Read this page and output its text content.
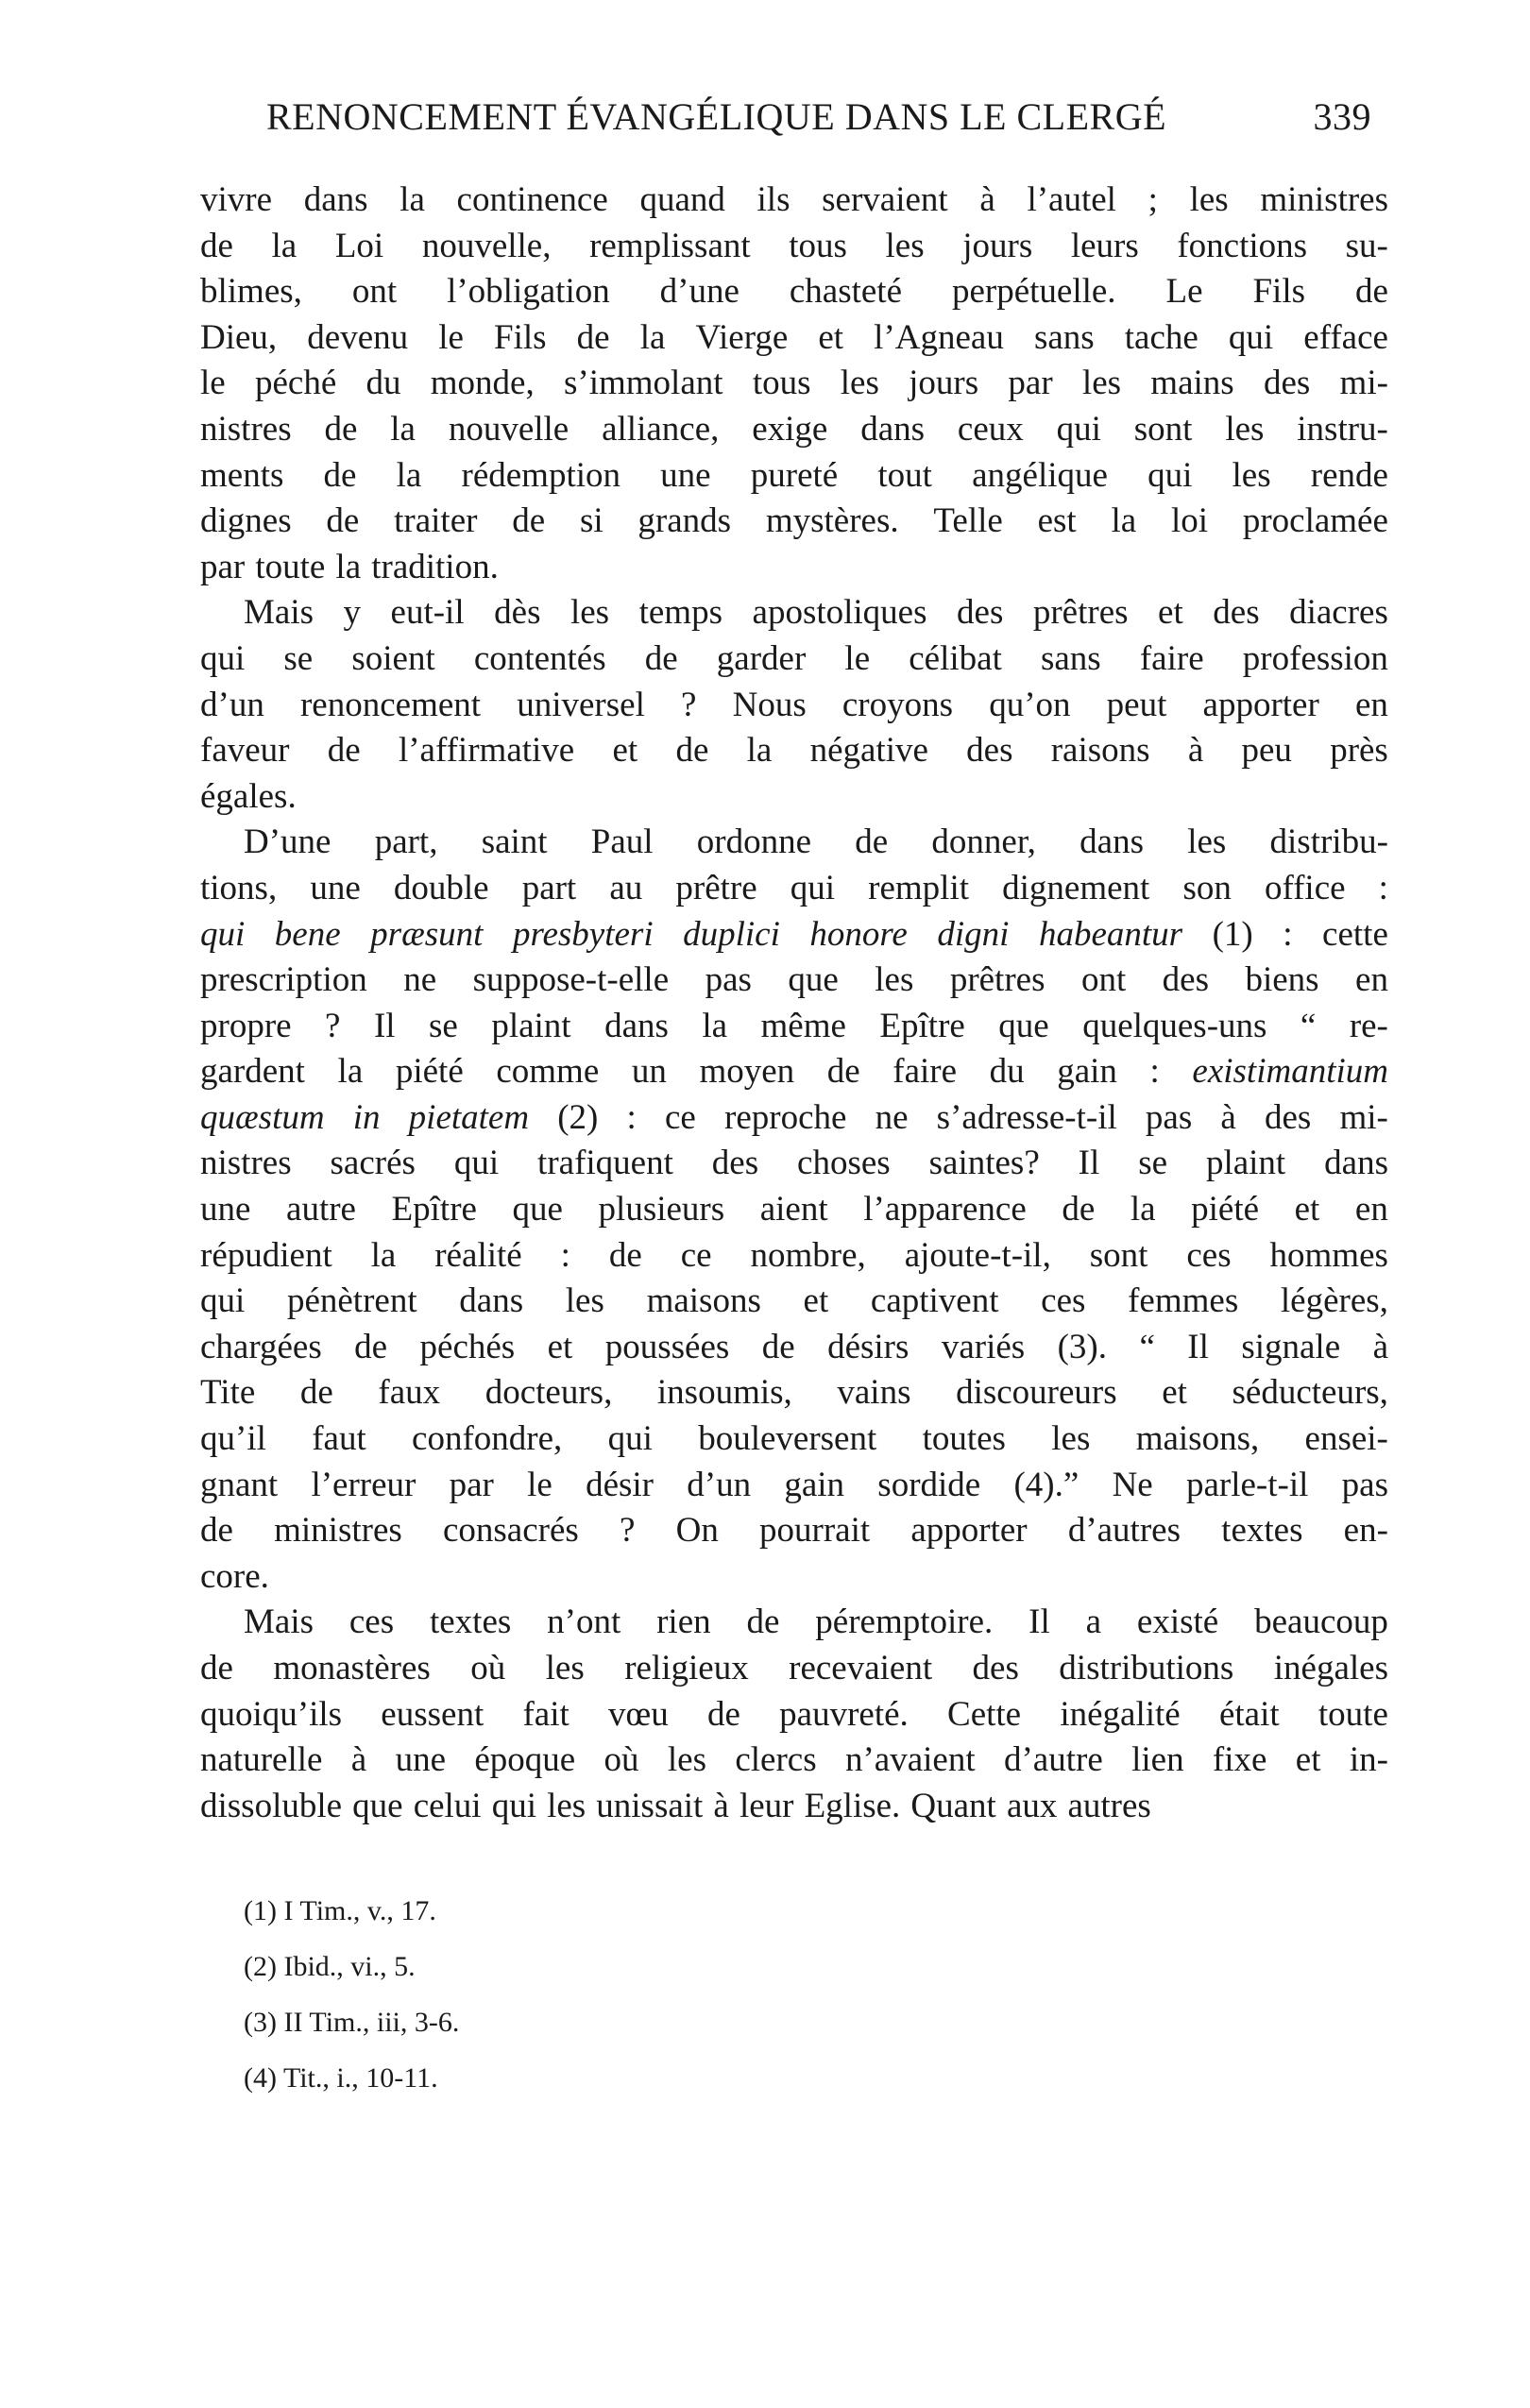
RENONCEMENT ÉVANGÉLIQUE DANS LE CLERGÉ	339
vivre dans la continence quand ils servaient à l’autel ; les ministres
de la Loi nouvelle, remplissant tous les jours leurs fonctions su-
blimes, ont l’obligation d’une chasteté perpétuelle. Le Fils de
Dieu, devenu le Fils de la Vierge et l’Agneau sans tache qui efface
le péché du monde, s’immolant tous les jours par les mains des mi-
nistres de la nouvelle alliance, exige dans ceux qui sont les instru-
ments de la rédemption une pureté tout angélique qui les rende
dignes de traiter de si grands mystères. Telle est la loi proclamée
par toute la tradition.
Mais y eut-il dès les temps apostoliques des prêtres et des diacres
qui se soient contentés de garder le célibat sans faire profession
d’un renoncement universel ? Nous croyons qu’on peut apporter en
faveur de l’affirmative et de la négative des raisons à peu près
égales.
D’une part, saint Paul ordonne de donner, dans les distribu-
tions, une double part au prêtre qui remplit dignement son office :
qui bene præsunt presbyteri duplici honore digni habeantur (1) : cette
prescription ne suppose-t-elle pas que les prêtres ont des biens en
propre ? Il se plaint dans la même Epître que quelques-uns “ re-
gardent la piété comme un moyen de faire du gain : existimantium
quæstum in pietatem (2) : ce reproche ne s’adresse-t-il pas à des mi-
nistres sacrés qui trafiquent des choses saintes? Il se plaint dans
une autre Epître que plusieurs aient l’apparence de la piété et en
répudient la réalité : de ce nombre, ajoute-t-il, sont ces hommes
qui pénètrent dans les maisons et captivent ces femmes légères,
chargées de péchés et poussées de désirs variés (3). “ Il signale à
Tite de faux docteurs, insoumis, vains discoureurs et séducteurs,
qu’il faut confondre, qui bouleversent toutes les maisons, ensei-
gnant l’erreur par le désir d’un gain sordide (4).” Ne parle-t-il pas
de ministres consacrés ? On pourrait apporter d’autres textes en-
core.
Mais ces textes n’ont rien de péremptoire. Il a existé beaucoup
de monastères où les religieux recevaient des distributions inégales
quoiqu’ils eussent fait vœu de pauvreté. Cette inégalité était toute
naturelle à une époque où les clercs n’avaient d’autre lien fixe et in-
dissoluble que celui qui les unissait à leur Eglise. Quant aux autres
(1) I Tim., v., 17.
(2) Ibid., vi., 5.
(3) II Tim., iii, 3-6.
(4) Tit., i., 10-11.
